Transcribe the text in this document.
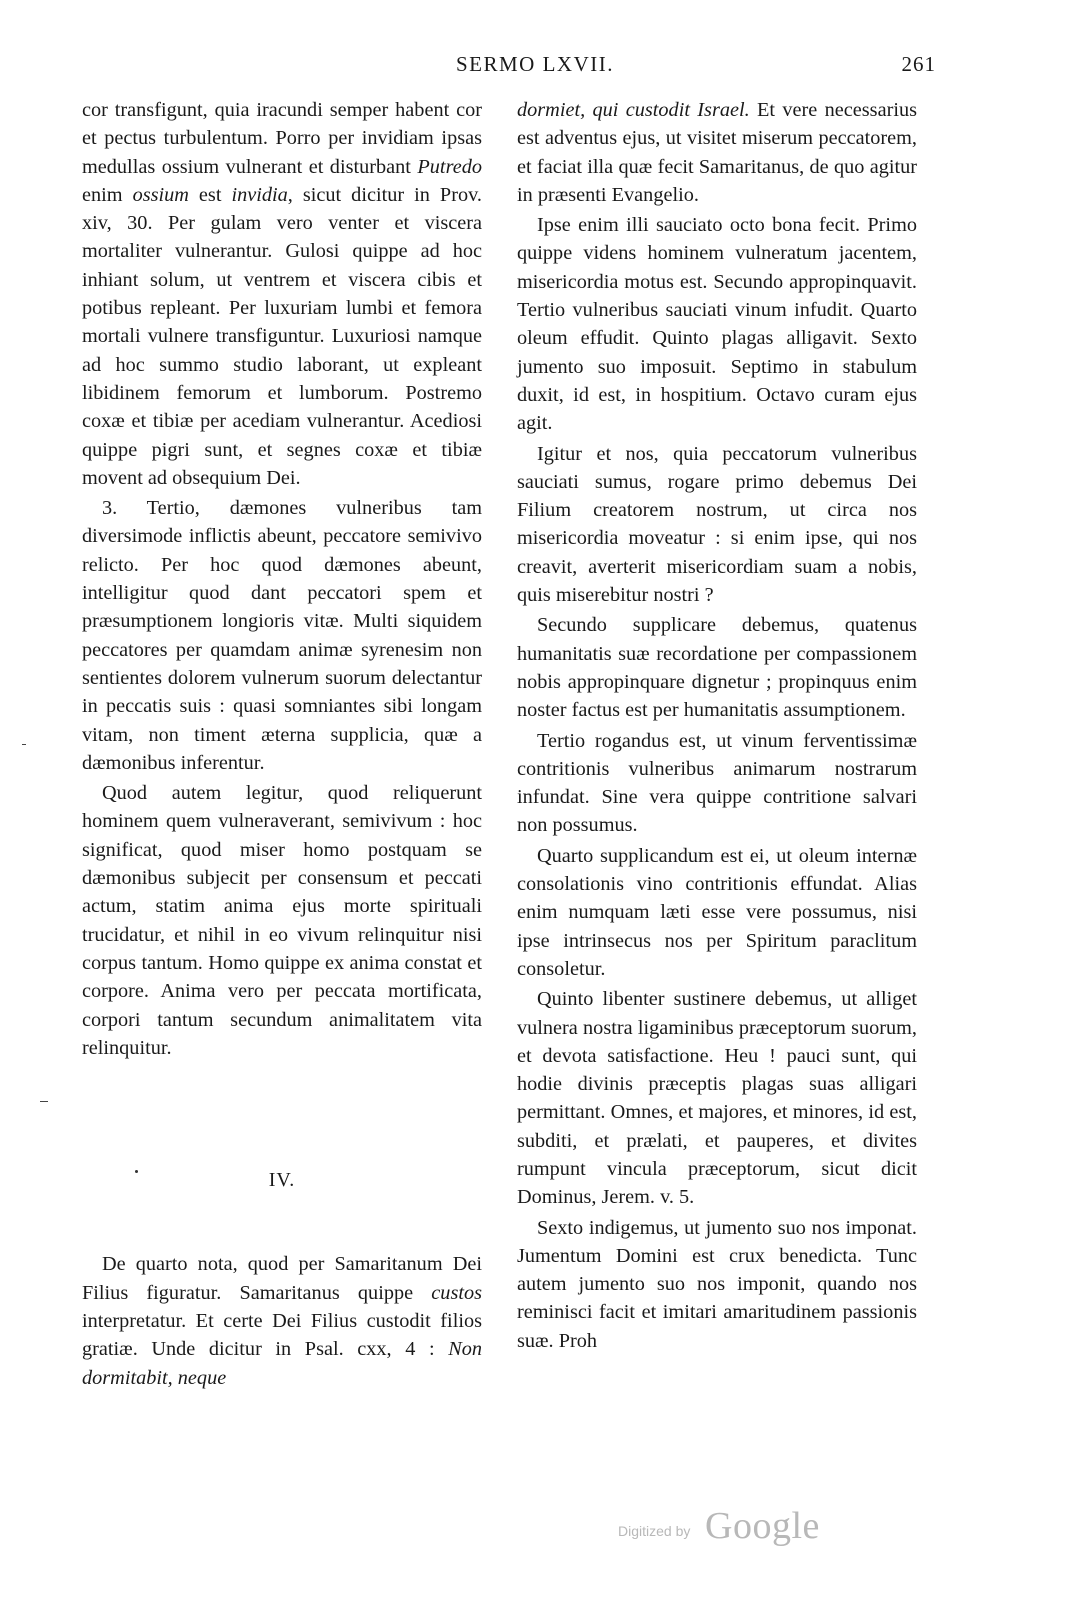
SERMO LXVII.	261

cor transfigunt, quia iracundi semper habent cor et pectus turbulentum. Porro per invidiam ipsas medullas ossium vulnerant et disturbant Putredo enim ossium est invidia, sicut dicitur in Prov. xiv, 30. Per gulam vero venter et viscera mortaliter vulnerantur. Gulosi quippe ad hoc inhiant solum, ut ventrem et viscera cibis et potibus repleant. Per luxuriam lumbi et femora mortali vulnere transfiguntur. Luxuriosi namque ad hoc summo studio laborant, ut expleant libidinem femorum et lumborum. Postremo coxæ et tibiæ per acediam vulnerantur. Acediosi quippe pigri sunt, et segnes coxæ et tibiæ movent ad obsequium Dei.

3. Tertio, dæmones vulneribus tam diversimode inflictis abeunt, peccatore semivivo relicto. Per hoc quod dæmones abeunt, intelligitur quod dant peccatori spem et præsumptionem longioris vitæ. Multi siquidem peccatores per quamdam animæ syrenesim non sentientes dolorem vulnerum suorum delectantur in peccatis suis : quasi somniantes sibi longam vitam, non timent æterna supplicia, quæ a dæmonibus inferentur.

Quod autem legitur, quod reliquerunt hominem quem vulneraverant, semivivum : hoc significat, quod miser homo postquam se dæmonibus subjecit per consensum et peccati actum, statim anima ejus morte spirituali trucidatur, et nihil in eo vivum relinquitur nisi corpus tantum. Homo quippe ex anima constat et corpore. Anima vero per peccata mortificata, corpori tantum secundum animalitatem vita relinquitur.

IV.

De quarto nota, quod per Samaritanum Dei Filius figuratur. Samaritanus quippe custos interpretatur. Et certe Dei Filius custodit filios gratiæ. Unde dicitur in Psal. cxx, 4 : Non dormitabit, neque

dormiet, qui custodit Israel. Et vere necessarius est adventus ejus, ut visitet miserum peccatorem, et faciat illa quæ fecit Samaritanus, de quo agitur in præsenti Evangelio.

Ipse enim illi sauciato octo bona fecit. Primo quippe videns hominem vulneratum jacentem, misericordia motus est. Secundo appropinquavit. Tertio vulneribus sauciati vinum infudit. Quarto oleum effudit. Quinto plagas alligavit. Sexto jumento suo imposuit. Septimo in stabulum duxit, id est, in hospitium. Octavo curam ejus agit.

Igitur et nos, quia peccatorum vulneribus sauciati sumus, rogare primo debemus Dei Filium creatorem nostrum, ut circa nos misericordia moveatur : si enim ipse, qui nos creavit, averterit misericordiam suam a nobis, quis miserebitur nostri ?

Secundo supplicare debemus, quatenus humanitatis suæ recordatione per compassionem nobis appropinquare dignetur ; propinquus enim noster factus est per humanitatis assumptionem.

Tertio rogandus est, ut vinum ferventissimæ contritionis vulneribus animarum nostrarum infundat. Sine vera quippe contritione salvari non possumus.

Quarto supplicandum est ei, ut oleum internæ consolationis vino contritionis effundat. Alias enim numquam læti esse vere possumus, nisi ipse intrinsecus nos per Spiritum paraclitum consoletur.

Quinto libenter sustinere debemus, ut alliget vulnera nostra ligaminibus præceptorum suorum, et devota satisfactione. Heu ! pauci sunt, qui hodie divinis præceptis plagas suas alligari permittant. Omnes, et majores, et minores, id est, subditi, et prælati, et pauperes, et divites rumpunt vincula præceptorum, sicut dicit Dominus, Jerem. v. 5.

Sexto indigemus, ut jumento suo nos imponat. Jumentum Domini est crux benedicta. Tunc autem jumento suo nos imponit, quando nos reminisci facit et imitari amaritudinem passionis suæ. Proh

Digitized by Google
